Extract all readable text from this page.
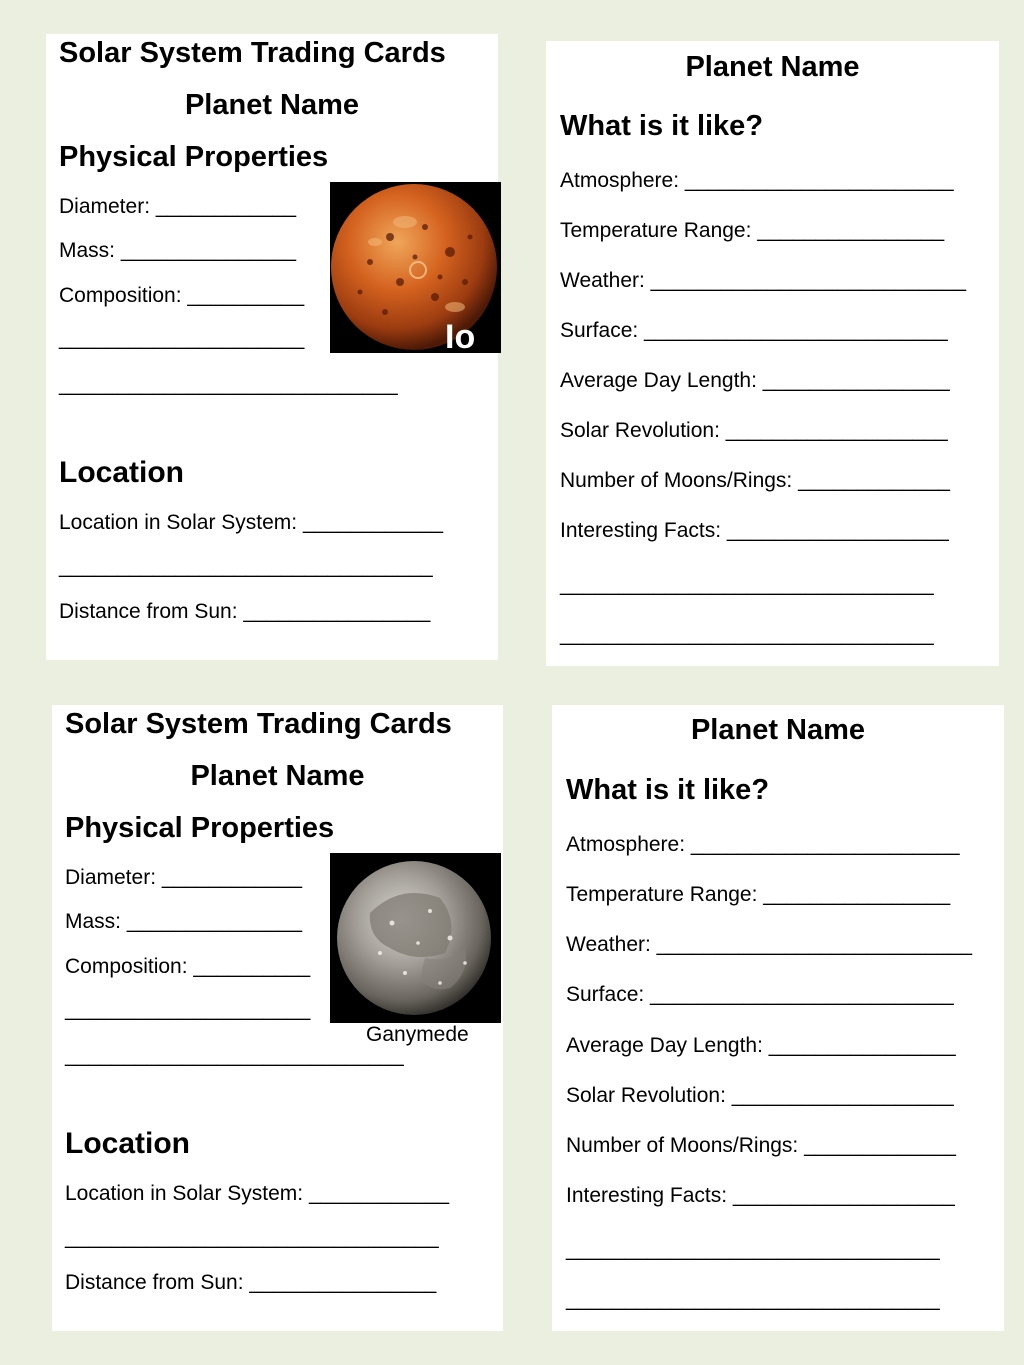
Solar System Trading Cards
Planet Name
Physical Properties
Diameter: ____________
Mass: _______________
Composition: __________
_____________________
_____________________________
Location
Location in Solar System: ____________
________________________________
Distance from Sun: ________________
Io
Planet Name
What is it like?
Atmosphere: _______________________
Temperature Range: ________________
Weather: ___________________________
Surface: __________________________
Average Day Length: ________________
Solar Revolution: ___________________
Number of Moons/Rings: _____________
Interesting Facts: ___________________
________________________________
________________________________
Solar System Trading Cards
Planet Name
Physical Properties
Diameter: ____________
Mass: _______________
Composition: __________
_____________________
_____________________________
Location
Location in Solar System: ____________
________________________________
Distance from Sun: ________________
Ganymede
Planet Name
What is it like?
Atmosphere: _______________________
Temperature Range: ________________
Weather: ___________________________
Surface: __________________________
Average Day Length: ________________
Solar Revolution: ___________________
Number of Moons/Rings: _____________
Interesting Facts: ___________________
________________________________
________________________________
